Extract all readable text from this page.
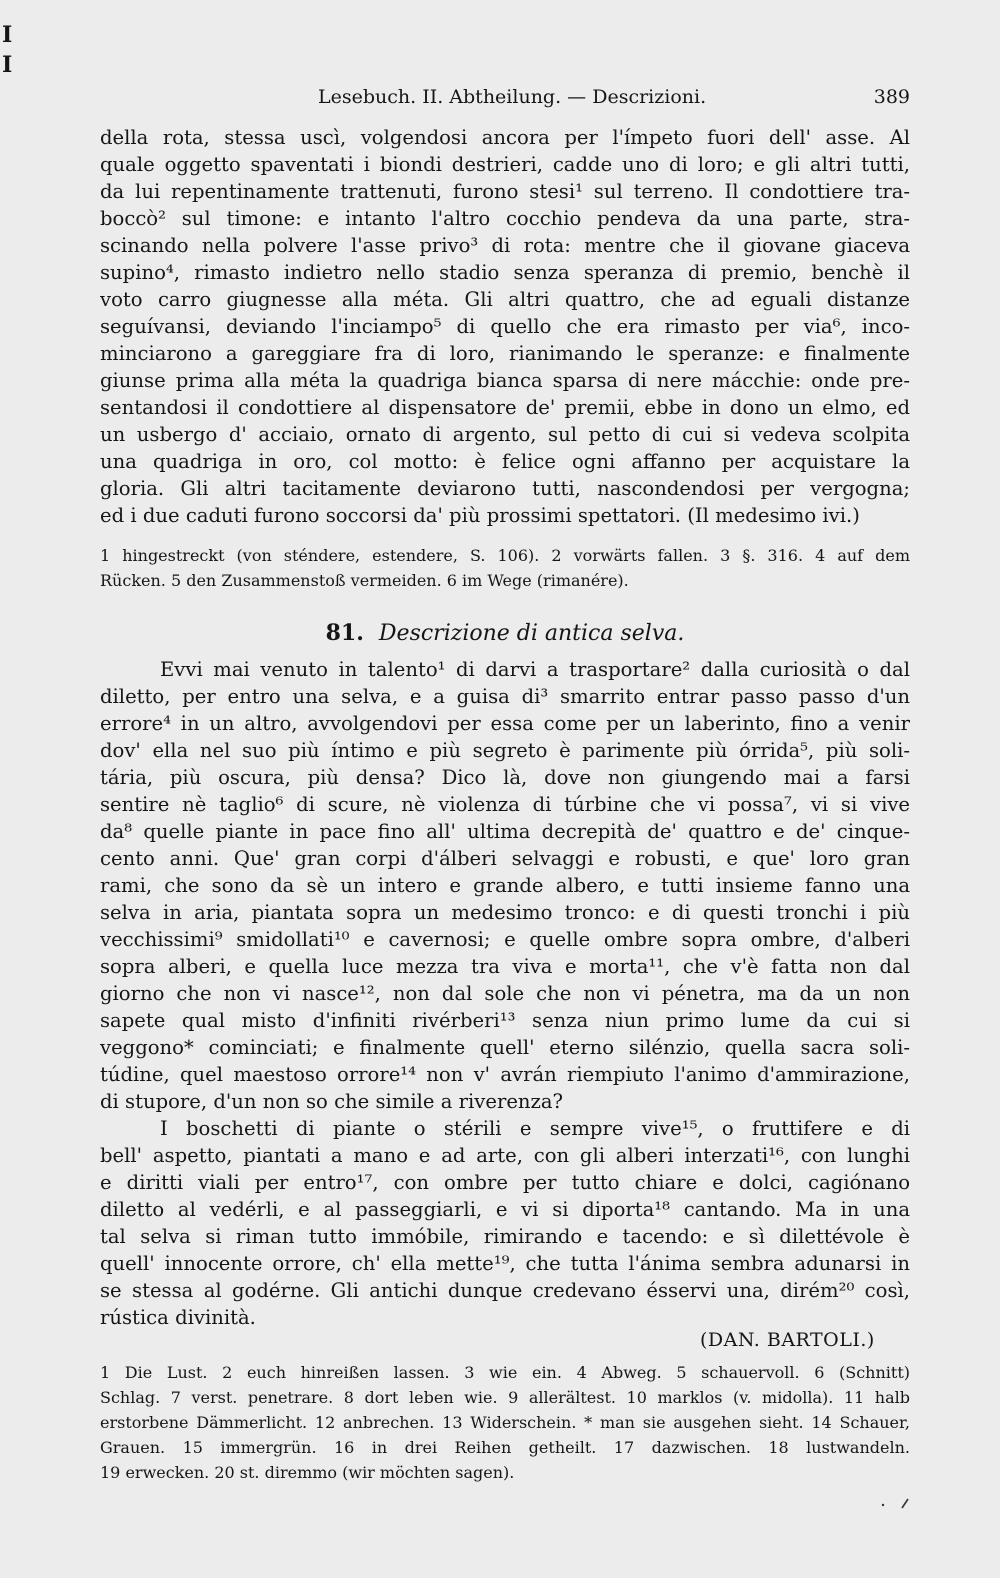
I
I
Lesebuch. II. Abtheilung. — Descrizioni.	389
della rota, stessa uscì, volgendosi ancora per l'ímpeto fuori dell' asse. Al
quale oggetto spaventati i biondi destrieri, cadde uno di loro; e gli altri tutti,
da lui repentinamente trattenuti, furono stesi¹ sul terreno. Il condottiere tra-
boccò² sul timone: e intanto l'altro cocchio pendeva da una parte, stra-
scinando nella polvere l'asse privo³ di rota: mentre che il giovane giaceva
supino⁴, rimasto indietro nello stadio senza speranza di premio, benchè il
voto carro giugnesse alla méta. Gli altri quattro, che ad eguali distanze
seguívansi, deviando l'inciampo⁵ di quello che era rimasto per via⁶, inco-
minciarono a gareggiare fra di loro, rianimando le speranze: e finalmente
giunse prima alla méta la quadriga bianca sparsa di nere mácchie: onde pre-
sentandosi il condottiere al dispensatore de' premii, ebbe in dono un elmo, ed
un usbergo d' acciaio, ornato di argento, sul petto di cui si vedeva scolpita
una quadriga in oro, col motto: è felice ogni affanno per acquistare la
gloria. Gli altri tacitamente deviarono tutti, nascondendosi per vergogna;
ed i due caduti furono soccorsi da' più prossimi spettatori. (Il medesimo ivi.)
1 hingestreckt (von sténdere, estendere, S. 106). 2 vorwärts fallen. 3 §. 316. 4 auf dem
Rücken. 5 den Zusammenstoß vermeiden. 6 im Wege (rimanére).
81. Descrizione di antica selva.
Evvi mai venuto in talento¹ di darvi a trasportare² dalla curiosità o dal
diletto, per entro una selva, e a guisa di³ smarrito entrar passo passo d'un
errore⁴ in un altro, avvolgendovi per essa come per un laberinto, fino a venir
dov' ella nel suo più íntimo e più segreto è parimente più órrida⁵, più soli-
tária, più oscura, più densa? Dico là, dove non giungendo mai a farsi
sentire nè taglio⁶ di scure, nè violenza di túrbine che vi possa⁷, vi si vive
da⁸ quelle piante in pace fino all' ultima decrepità de' quattro e de' cinque-
cento anni. Que' gran corpi d'álberi selvaggi e robusti, e que' loro gran
rami, che sono da sè un intero e grande albero, e tutti insieme fanno una
selva in aria, piantata sopra un medesimo tronco: e di questi tronchi i più
vecchissimi⁹ smidollati¹⁰ e cavernosi; e quelle ombre sopra ombre, d'alberi
sopra alberi, e quella luce mezza tra viva e morta¹¹, che v'è fatta non dal
giorno che non vi nasce¹², non dal sole che non vi pénetra, ma da un non
sapete qual misto d'infiniti rivérberi¹³ senza niun primo lume da cui si
veggono* cominciati; e finalmente quell' eterno silénzio, quella sacra soli-
túdine, quel maestoso orrore¹⁴ non v' avrán riempiuto l'animo d'ammirazione,
di stupore, d'un non so che simile a riverenza?
I boschetti di piante o stérili e sempre vive¹⁵, o fruttifere e di
bell' aspetto, piantati a mano e ad arte, con gli alberi interzati¹⁶, con lunghi
e diritti viali per entro¹⁷, con ombre per tutto chiare e dolci, cagiónano
diletto al vedérli, e al passeggiarli, e vi si diporta¹⁸ cantando. Ma in una
tal selva si riman tutto immóbile, rimirando e tacendo: e sì dilettévole è
quell' innocente orrore, ch' ella mette¹⁹, che tutta l'ánima sembra adunarsi in
se stessa al godérne. Gli antichi dunque credevano ésservi una, dirém²⁰ così,
rústica divinità.
(DAN. BARTOLI.)
1 Die Lust. 2 euch hinreißen lassen. 3 wie ein. 4 Abweg. 5 schauervoll. 6 (Schnitt)
Schlag. 7 verst. penetrare. 8 dort leben wie. 9 allerältest. 10 marklos (v. midolla). 11 halb
erstorbene Dämmerlicht. 12 anbrechen. 13 Widerschein. * man sie ausgehen sieht. 14 Schauer,
Grauen. 15 immergrün. 16 in drei Reihen getheilt. 17 dazwischen. 18 lustwandeln.
19 erwecken. 20 st. diremmo (wir möchten sagen).
